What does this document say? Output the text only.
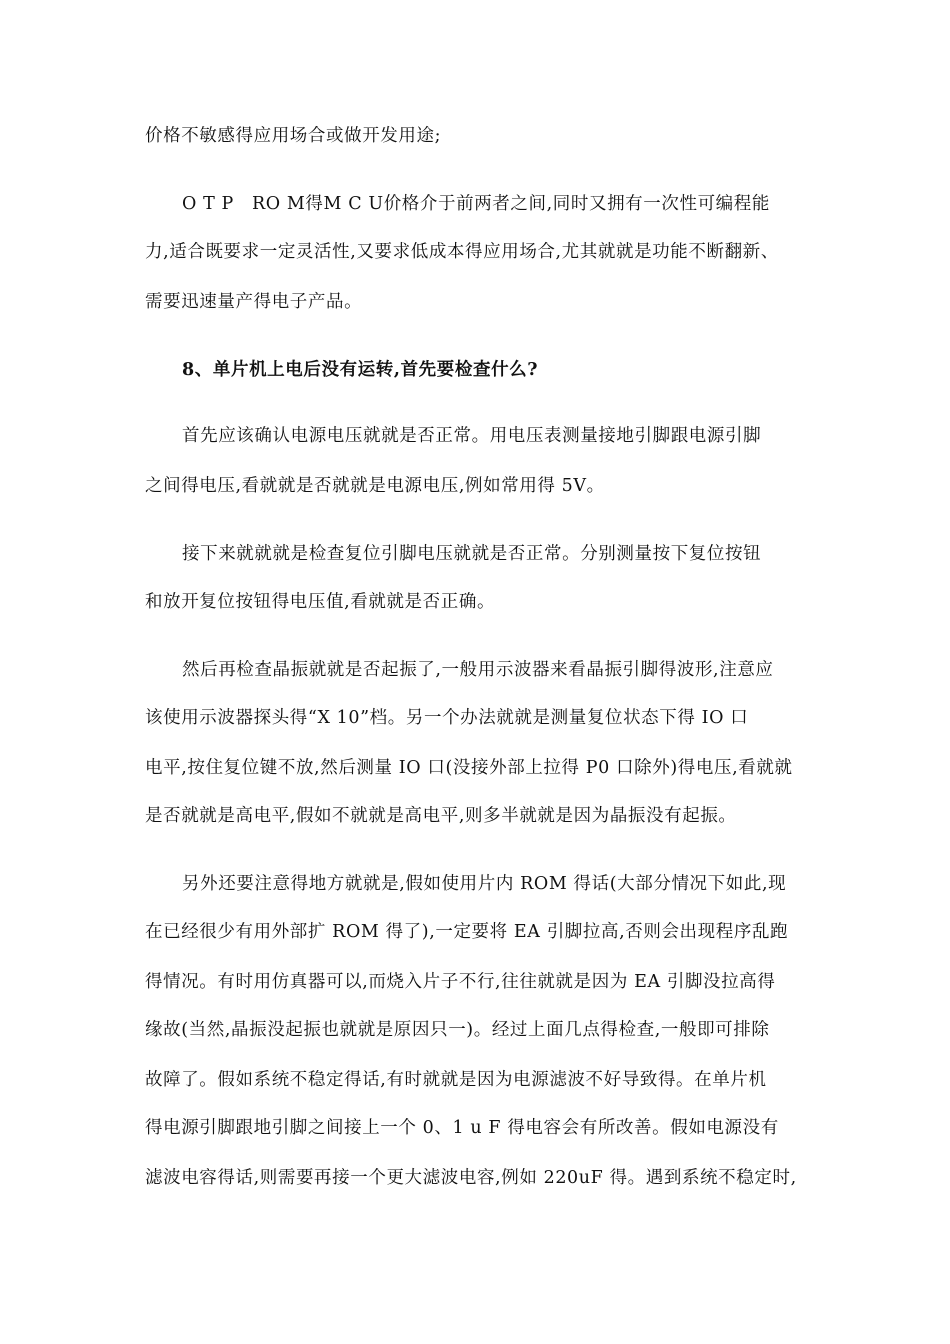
价格不敏感得应用场合或做开发用途;
O T P　RO M得M C U价格介于前两者之间,同时又拥有一次性可编程能
力,适合既要求一定灵活性,又要求低成本得应用场合,尤其就就是功能不断翻新、
需要迅速量产得电子产品。
8、单片机上电后没有运转,首先要检查什么?
首先应该确认电源电压就就是否正常。用电压表测量接地引脚跟电源引脚
之间得电压,看就就是否就就是电源电压,例如常用得 5V。
接下来就就就是检查复位引脚电压就就是否正常。分别测量按下复位按钮
和放开复位按钮得电压值,看就就是否正确。
然后再检查晶振就就是否起振了,一般用示波器来看晶振引脚得波形,注意应
该使用示波器探头得“X 10”档。另一个办法就就是测量复位状态下得 IO 口
电平,按住复位键不放,然后测量 IO 口(没接外部上拉得 P0 口除外)得电压,看就就
是否就就是高电平,假如不就就是高电平,则多半就就是因为晶振没有起振。
另外还要注意得地方就就是,假如使用片内 ROM 得话(大部分情况下如此,现
在已经很少有用外部扩 ROM 得了),一定要将 EA 引脚拉高,否则会出现程序乱跑
得情况。有时用仿真器可以,而烧入片子不行,往往就就是因为 EA 引脚没拉高得
缘故(当然,晶振没起振也就就是原因只一)。经过上面几点得检查,一般即可排除
故障了。假如系统不稳定得话,有时就就是因为电源滤波不好导致得。在单片机
得电源引脚跟地引脚之间接上一个 0、1 u F 得电容会有所改善。假如电源没有
滤波电容得话,则需要再接一个更大滤波电容,例如 220uF 得。遇到系统不稳定时,
